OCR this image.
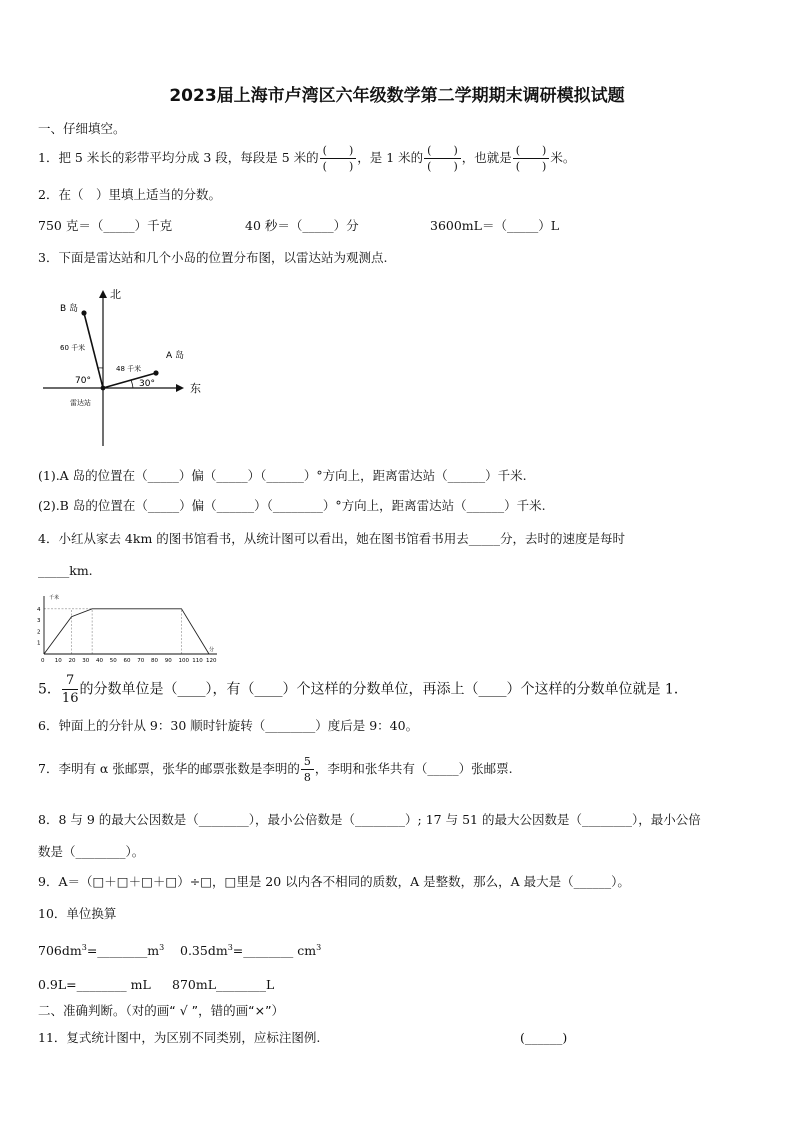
2023届上海市卢湾区六年级数学第二学期期末调研模拟试题
一、仔细填空。
1．把 5 米长的彩带平均分成 3 段，每段是 5 米的 $\frac{( )}{( )}$ ，是 1 米的 $\frac{( )}{( )}$ ，也就是 $\frac{( )}{( )}$ 米。
2．在（　）里填上适当的分数。
750 克＝（_____）千克	40 秒＝（_____）分	3600mL＝（_____）L
3．下面是雷达站和几个小岛的位置分布图，以雷达站为观测点.
北
东
B 岛
A 岛
60 千米
48 千米
70°	30°
雷达站
(1).A 岛的位置在（_____）偏（_____）（______）°方向上，距离雷达站（______）千米.
(2).B 岛的位置在（_____）偏（______）（________）°方向上，距离雷达站（______）千米.
4．小红从家去 4km 的图书馆看书，从统计图可以看出，她在图书馆看书用去_____分，去时的速度是每时
_____km.
0 10 20 30 40 50 60 70 80 90 100 110 120
1
2
3
4
千米
分
5． $\frac{7}{16}$ 的分数单位是（____），有（____）个这样的分数单位，再添上（____）个这样的分数单位就是 1．
6．钟面上的分针从 9：30 顺时针旋转（________）度后是 9：40。
7．李明有 α 张邮票，张华的邮票张数是李明的 $\frac{5}{8}$ ，李明和张华共有（_____）张邮票.
8．8 与 9 的最大公因数是（________），最小公倍数是（________）; 17 与 51 的最大公因数是（________），最小公倍
数是（________）。
9．A＝（□＋□＋□＋□）÷□，□里是 20 以内各不相同的质数，A 是整数，那么，A 最大是（______）。
10．单位换算
$706dm^3=\_\_\_\_\_\_\_\_m^3$ $0.35dm^3=\_\_\_\_\_\_\_\_$ $cm^3$
0.9L=________ mL 870mL________L
二、准确判断。（对的画“ √ ”，错的画“×”）
11．复式统计图中，为区别不同类别，应标注图例.	(______)
